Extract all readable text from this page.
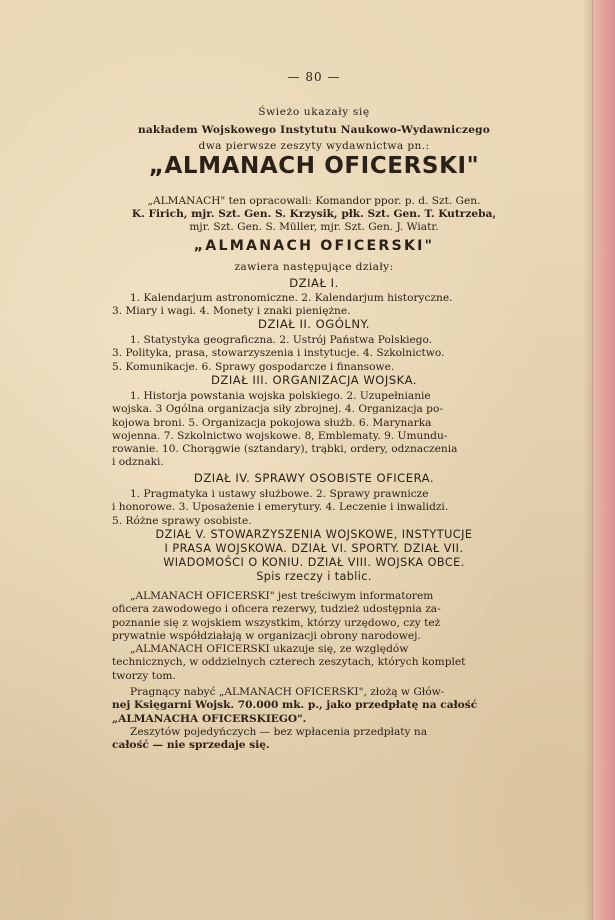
— 80 —
Świeżo ukazały się
nakładem Wojskowego Instytutu Naukowo-Wydawniczego
dwa pierwsze zeszyty wydawnictwa pn.:
„ALMANACH OFICERSKI"
„ALMANACH" ten opracowali: Komandor ppor. p. d. Szt. Gen.
K. Firich, mjr. Szt. Gen. S. Krzysik, płk. Szt. Gen. T. Kutrzeba,
mjr. Szt. Gen. S. Müller, mjr. Szt. Gen. J. Wiatr.
„ALMANACH OFICERSKI"
zawiera następujące działy:
DZIAŁ I.
1. Kalendarjum astronomiczne. 2. Kalendarjum historyczne.
3. Miary i wagi. 4. Monety i znaki pieniężne.
DZIAŁ II. OGÓLNY.
1. Statystyka geograficzna. 2. Ustrój Państwa Polskiego.
3. Polityka, prasa, stowarzyszenia i instytucje. 4. Szkolnictwo.
5. Komunikacje. 6. Sprawy gospodarcze i finansowe.
DZIAŁ III. ORGANIZACJA WOJSKA.
1. Historja powstania wojska polskiego. 2. Uzupełnianie
wojska. 3 Ogólna organizacja siły zbrojnej. 4. Organizacja po-
kojowa broni. 5. Organizacja pokojowa służb. 6. Marynarka
wojenna. 7. Szkolnictwo wojskowe. 8, Emblematy. 9. Umundu-
rowanie. 10. Chorągwie (sztandary), trąbki, ordery, odznaczenia
i odznaki.
DZIAŁ IV. SPRAWY OSOBISTE OFICERA.
1. Pragmatyka i ustawy służbowe. 2. Sprawy prawnicze
i honorowe. 3. Uposażenie i emerytury. 4. Leczenie i inwalidzi.
5. Różne sprawy osobiste.
DZIAŁ V. STOWARZYSZENIA WOJSKOWE, INSTYTUCJE
I PRASA WOJSKOWA. DZIAŁ VI. SPORTY. DZIAŁ VII.
WIADOMOŚCI O KONIU. DZIAŁ VIII. WOJSKA OBCE.
Spis rzeczy i tablic.
„ALMANACH OFICERSKI" jest treściwym informatorem
oficera zawodowego i oficera rezerwy, tudzież udostępnia za-
poznanie się z wojskiem wszystkim, którzy urzędowo, czy też
prywatnie współdziałają w organizacji obrony narodowej.
„ALMANACH OFICERSKI ukazuje się, ze względów
technicznych, w oddzielnych czterech zeszytach, których komplet
tworzy tom.
Pragnący nabyć „ALMANACH OFICERSKI", złożą w Głów-
nej Księgarni Wojsk. 70.000 mk. p., jako przedpłatę na całość
„ALMANACHA OFICERSKIEGO".
Zeszytów pojedyńczych — bez wpłacenia przedpłaty na
całość — nie sprzedaje się.
